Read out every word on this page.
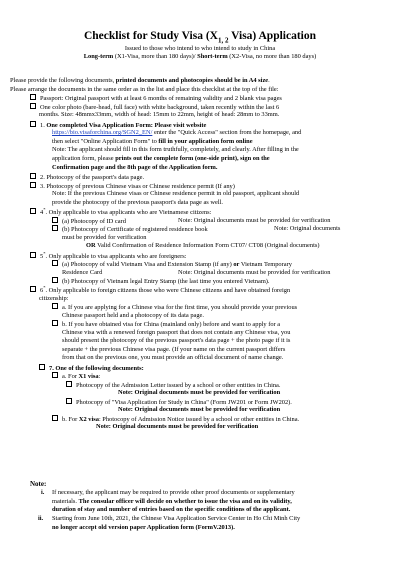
Checklist for Study Visa ($X_{1, 2}$ Visa) Application
Issued to those who intend to who intend to study in China
Long-term (X1-Visa, more than 180 days)/ Short-term (X2-Visa, no more than 180 days)
Please provide the following documents, printed documents and photocopies should be in A4 size.
Please arrange the documents in the same order as in the list and place this checklist at the top of the file:
Passport: Original passport with at least 6 months of remaining validity and 2 blank visa pages
One color photo (bare-head, full face) with white background, taken recently within the last 6
months. Size: 48mmx33mm, width of head: 15mm to 22mm, height of head: 28mm to 33mm.
1. One completed Visa Application Form: Please visit website
https://bio.visaforchina.org/SGN2_EN/ enter the "Quick Access" section from the homepage, and
then select "Online Application Form" to fill in your application form online
Note: The applicant should fill in this form truthfully, completely, and clearly. After filling in the
application form, please prints out the complete form (one-side print), sign on the
Confirmation page and the 8th page of the Application form.
2. Photocopy of the passport's data page.
3. Photocopy of previous Chinese visas or Chinese residence permit (If any)
Note: If the previous Chinese visas or Chinese residence permit in old passport, applicant should
provide the photocopy of the previous passport's data page as well.
4*. Only applicable to visa applicants who are Vietnamese citizens:
(a) Photocopy of ID card	Note: Original documents must be provided for verification
(b) Photocopy of Certificate of registered residence book	Note: Original documents
must be provided for verification
OR Valid Confirmation of Residence Information Form CT07/ CT08 (Original documents)
5*. Only applicable to visa applicants who are foreigners:
(a) Photocopy of valid Vietnam Visa and Extension Stamp (if any) or Vietnam Temporary
Residence Card	Note: Original documents must be provided for verification
(b) Photocopy of Vietnam legal Entry Stamp (the last time you entered Vietnam).
6*. Only applicable to foreign citizens those who were Chinese citizens and have obtained foreign
citizenship:
a. If you are applying for a Chinese visa for the first time, you should provide your previous
Chinese passport held and a photocopy of its data page.
b. If you have obtained visa for China (mainland only) before and want to apply for a
Chinese visa with a renewed foreign passport that does not contain any Chinese visa, you
should present the photocopy of the previous passport's data page + the photo page if it is
separate + the previous Chinese visa page. (If your name on the current passport differs
from that on the previous one, you must provide an official document of name change.
7. One of the following documents:
a. For X1 visa:
Photocopy of the Admission Letter issued by a school or other entities in China.
Note: Original documents must be provided for verification
Photocopy of "Visa Application for Study in China" (Form JW201 or Form JW202).
Note: Original documents must be provided for verification
b. For X2 visa: Photocopy of Admission Notice issued by a school or other entities in China.
Note: Original documents must be provided for verification
Note:
i. If necessary, the applicant may be required to provide other proof documents or supplementary
materials. The consular officer will decide on whether to issue the visa and on its validity,
duration of stay and number of entries based on the specific conditions of the applicant.
ii. Starting from June 10th, 2021, the Chinese Visa Application Service Center in Ho Chi Minh City
no longer accept old version paper Application form (FormV.2013).
